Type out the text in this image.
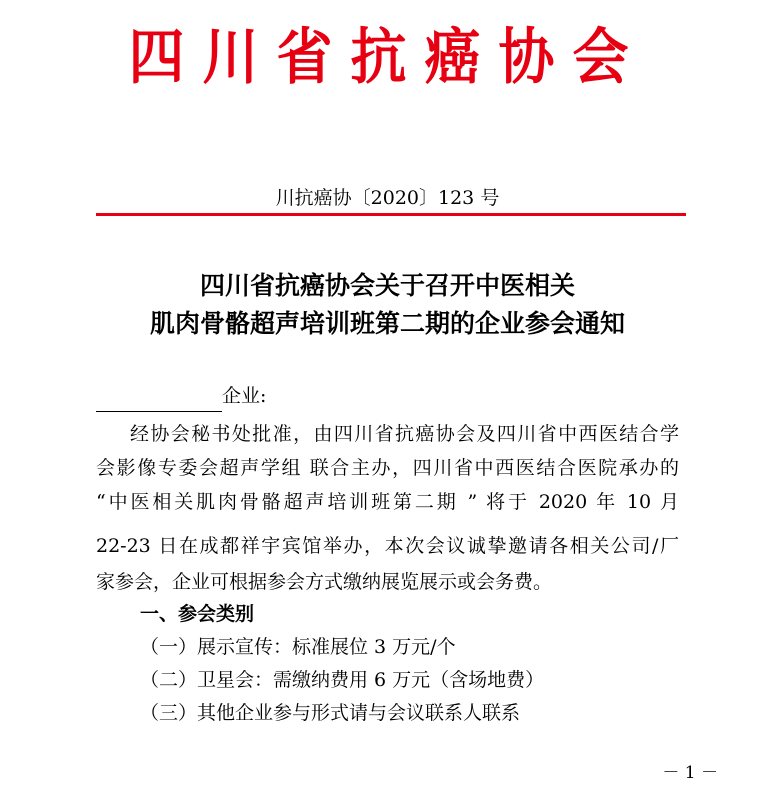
四川省抗癌协会
川抗癌协〔2020〕123 号
四川省抗癌协会关于召开中医相关
肌肉骨骼超声培训班第二期的企业参会通知
企业:
经协会秘书处批准，由四川省抗癌协会及四川省中西医结合学
会影像专委会超声学组 联合主办，四川省中西医结合医院承办的
“中医相关肌肉骨骼超声培训班第二期 ” 将于 2020 年 10 月
22-23 日在成都祥宇宾馆举办，本次会议诚挚邀请各相关公司/厂
家参会，企业可根据参会方式缴纳展览展示或会务费。
一、参会类别
（一）展示宣传：标准展位 3 万元/个
（二）卫星会：需缴纳费用 6 万元（含场地费）
（三）其他企业参与形式请与会议联系人联系
－ 1 －
